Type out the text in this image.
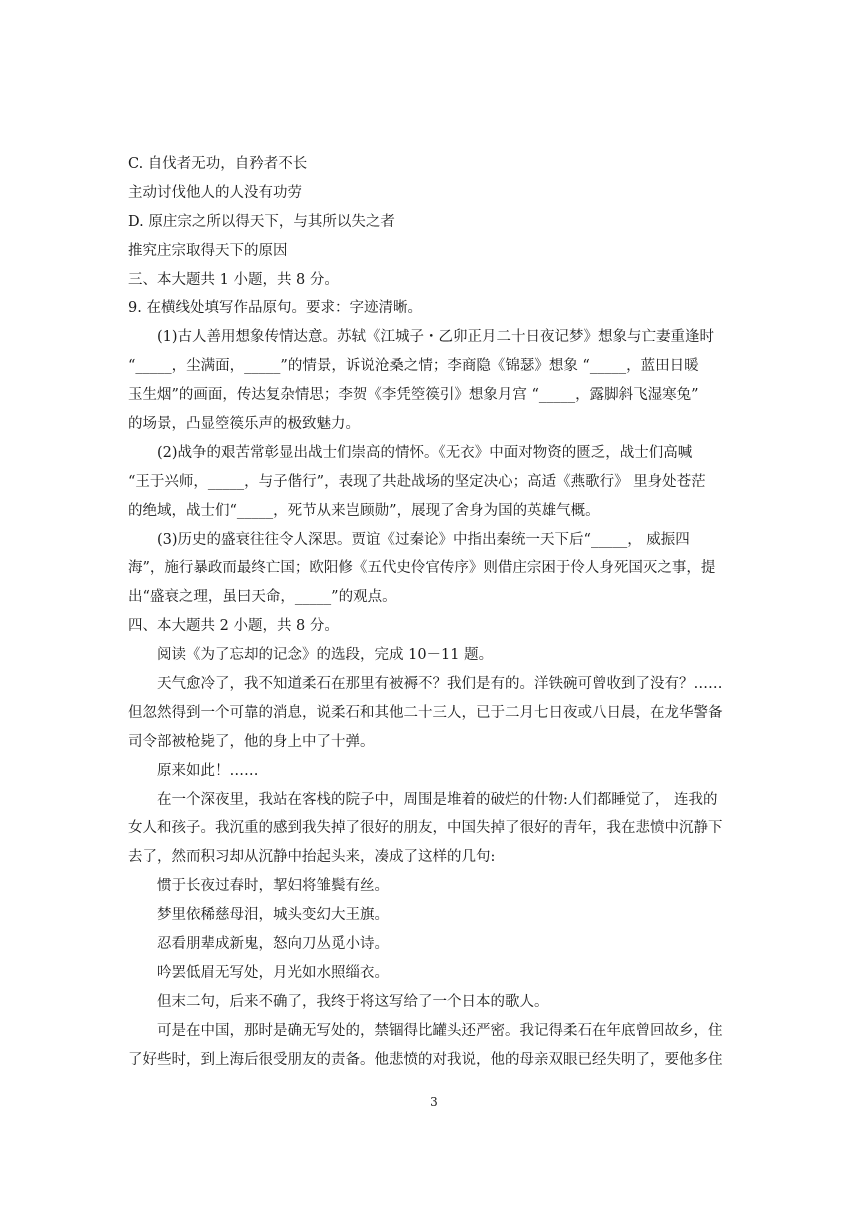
C. 自伐者无功，自矜者不长
主动讨伐他人的人没有功劳
D. 原庄宗之所以得天下，与其所以失之者
推究庄宗取得天下的原因
三、本大题共 1 小题，共 8 分。
9. 在横线处填写作品原句。要求：字迹清晰。
(1)古人善用想象传情达意。苏轼《江城子・乙卯正月二十日夜记梦》想象与亡妻重逢时
“_____，尘满面，_____”的情景，诉说沧桑之情；李商隐《锦瑟》想象 “_____，蓝田日暖
玉生烟”的画面，传达复杂情思；李贺《李凭箜篌引》想象月宫 “_____，露脚斜飞湿寒兔”
的场景，凸显箜篌乐声的极致魅力。
(2)战争的艰苦常彰显出战士们崇高的情怀。《无衣》中面对物资的匮乏，战士们高喊
“王于兴师，_____，与子偕行”，表现了共赴战场的坚定决心；高适《燕歌行》 里身处苍茫
的绝域，战士们“_____，死节从来岂顾勋”，展现了舍身为国的英雄气概。
(3)历史的盛衰往往令人深思。贾谊《过秦论》中指出秦统一天下后“_____， 威振四
海”，施行暴政而最终亡国；欧阳修《五代史伶官传序》则借庄宗困于伶人身死国灭之事，提
出“盛衰之理，虽曰天命，_____”的观点。
四、本大题共 2 小题，共 8 分。
阅读《为了忘却的记念》的选段，完成 10－11 题。
天气愈冷了，我不知道柔石在那里有被褥不？我们是有的。洋铁碗可曾收到了没有？……
但忽然得到一个可靠的消息，说柔石和其他二十三人，已于二月七日夜或八日晨，在龙华警备
司令部被枪毙了，他的身上中了十弹。
原来如此！……
在一个深夜里，我站在客栈的院子中，周围是堆着的破烂的什物:人们都睡觉了， 连我的
女人和孩子。我沉重的感到我失掉了很好的朋友，中国失掉了很好的青年，我在悲愤中沉静下
去了，然而积习却从沉静中抬起头来，凑成了这样的几句:
惯于长夜过春时，挈妇将雏鬓有丝。
梦里依稀慈母泪，城头变幻大王旗。
忍看朋辈成新鬼，怒向刀丛觅小诗。
吟罢低眉无写处，月光如水照缁衣。
但末二句，后来不确了，我终于将这写给了一个日本的歌人。
可是在中国，那时是确无写处的，禁锢得比罐头还严密。我记得柔石在年底曾回故乡，住
了好些时，到上海后很受朋友的责备。他悲愤的对我说，他的母亲双眼已经失明了，要他多住
3
